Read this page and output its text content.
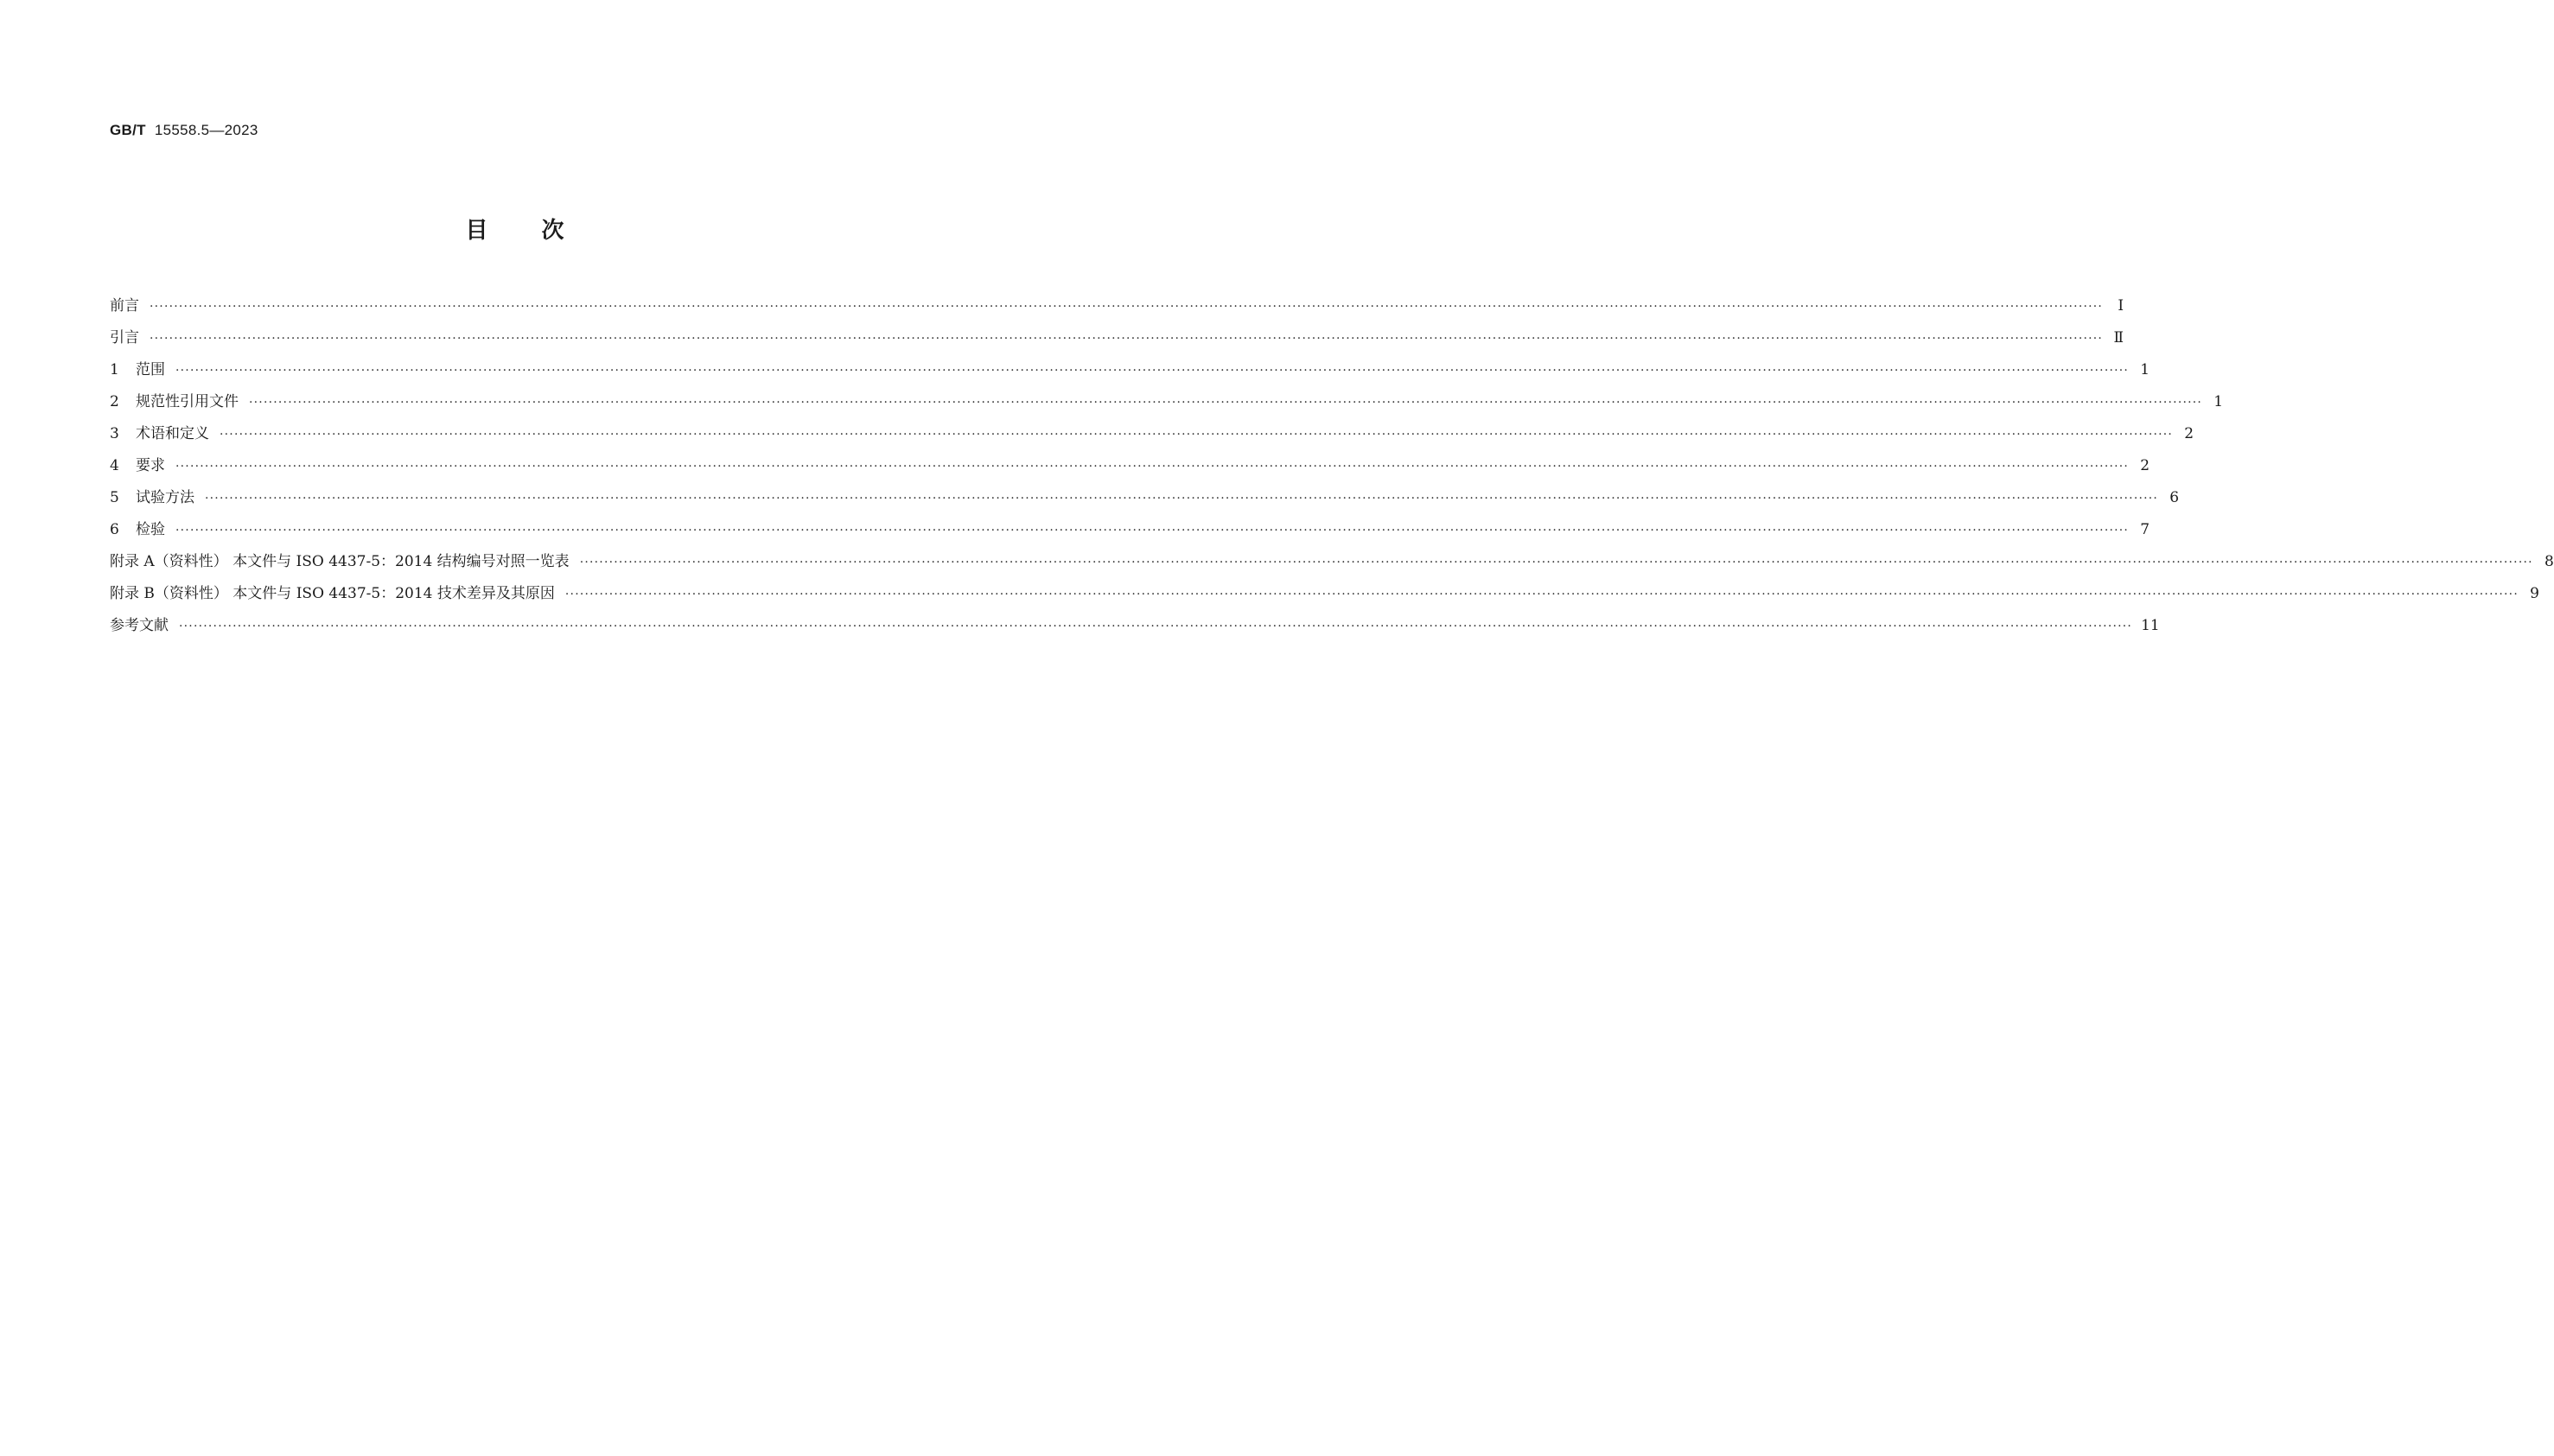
GB/T 15558.5—2023
目 次
前言 ················································································································································································································································································································································································································	Ⅰ
引言 ················································································································································································································································································································································································································ Ⅱ
1	范围 ················································································································································································································································································································································································································ 1
2	规范性引用文件 ················································································································································································································································································································································································································ 1
3	术语和定义 ················································································································································································································································································································································································································ 2
4	要求 ················································································································································································································································································································································································································ 2
5	试验方法 ················································································································································································································································································································································································································ 6
6	检验 ················································································································································································································································································································································································································ 7
附录 A（资料性） 本文件与 ISO 4437-5：2014 结构编号对照一览表 ················································································································································································································································································································································································································ 8
附录 B（资料性） 本文件与 ISO 4437-5：2014 技术差异及其原因 ················································································································································································································································································································································································································ 9
参考文献 ················································································································································································································································································································································································································ 11
